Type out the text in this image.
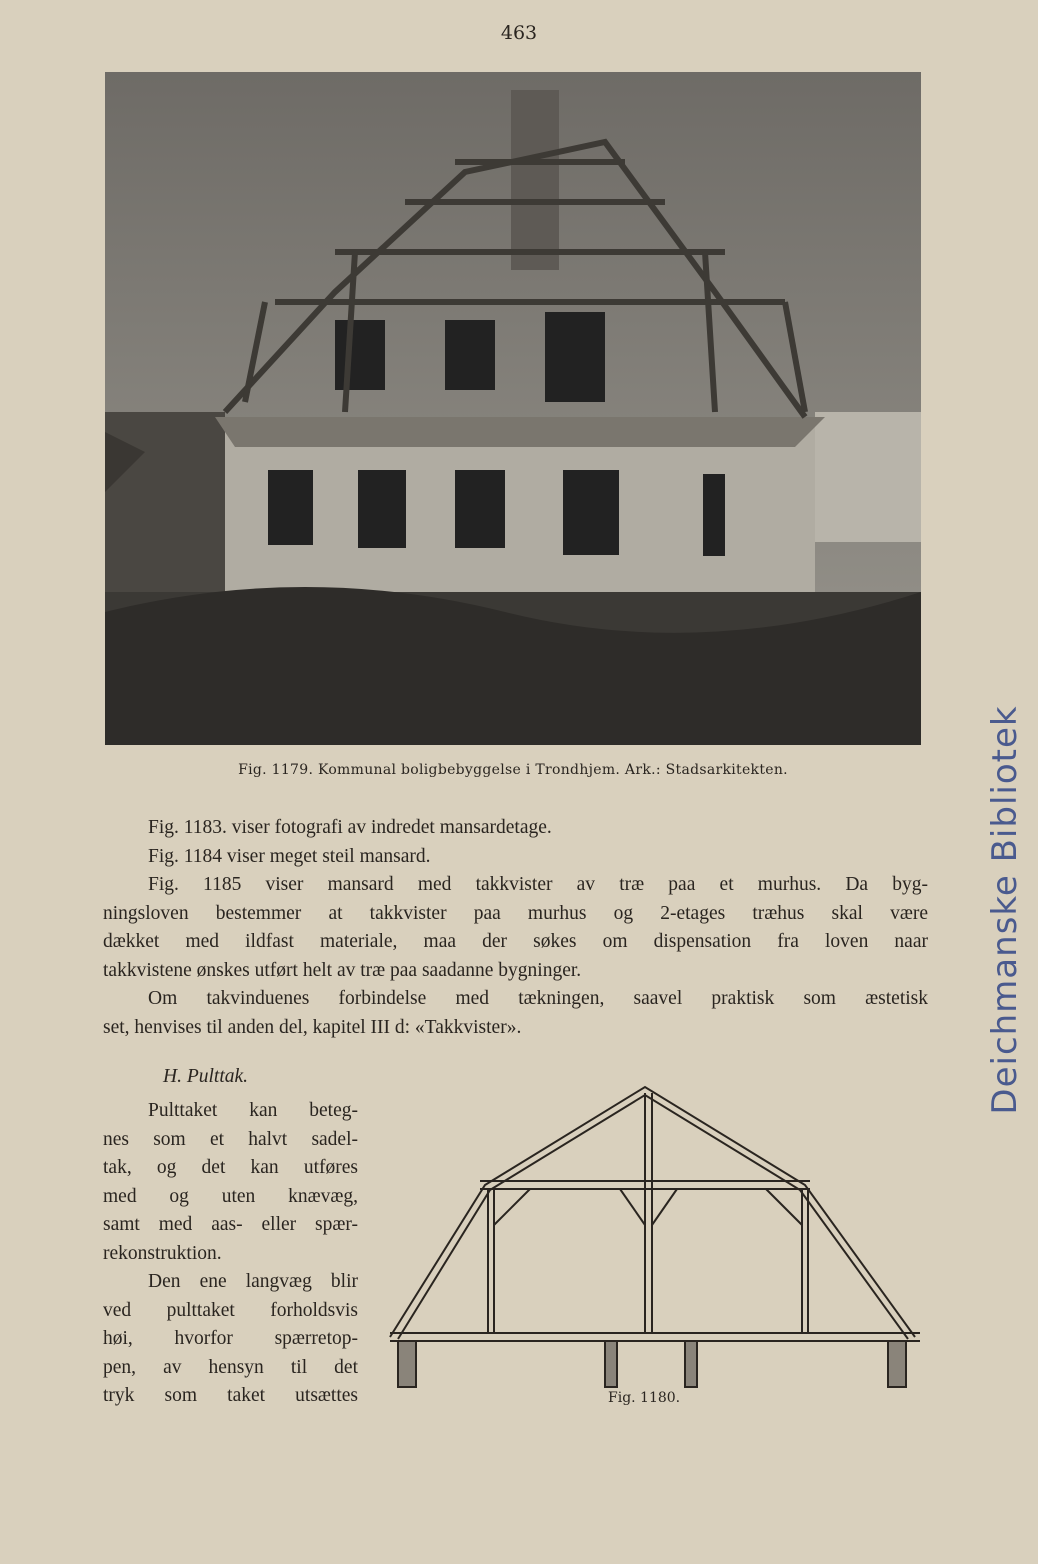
463
Fig. 1179. Kommunal boligbebyggelse i Trondhjem. Ark.: Stadsarkitekten.
Fig. 1183. viser fotografi av indredet mansardetage.
Fig. 1184 viser meget steil mansard.
Fig. 1185 viser mansard med takkvister av træ paa et murhus. Da byg-
ningsloven bestemmer at takkvister paa murhus og 2-etages træhus skal være
dækket med ildfast materiale, maa der søkes om dispensation fra loven naar
takkvistene ønskes utført helt av træ paa saadanne bygninger.
Om takvinduenes forbindelse med tækningen, saavel praktisk som æstetisk
set, henvises til anden del, kapitel III d: «Takkvister».
H. Pulttak.
Pulttaket kan beteg-
nes som et halvt sadel-
tak, og det kan utføres
med og uten knævæg,
samt med aas- eller spær-
rekonstruktion.
Den ene langvæg blir
ved pulttaket forholdsvis
høi, hvorfor spærretop-
pen, av hensyn til det
tryk som taket utsættes	Fig. 1180.
Deichmanske Bibliotek
